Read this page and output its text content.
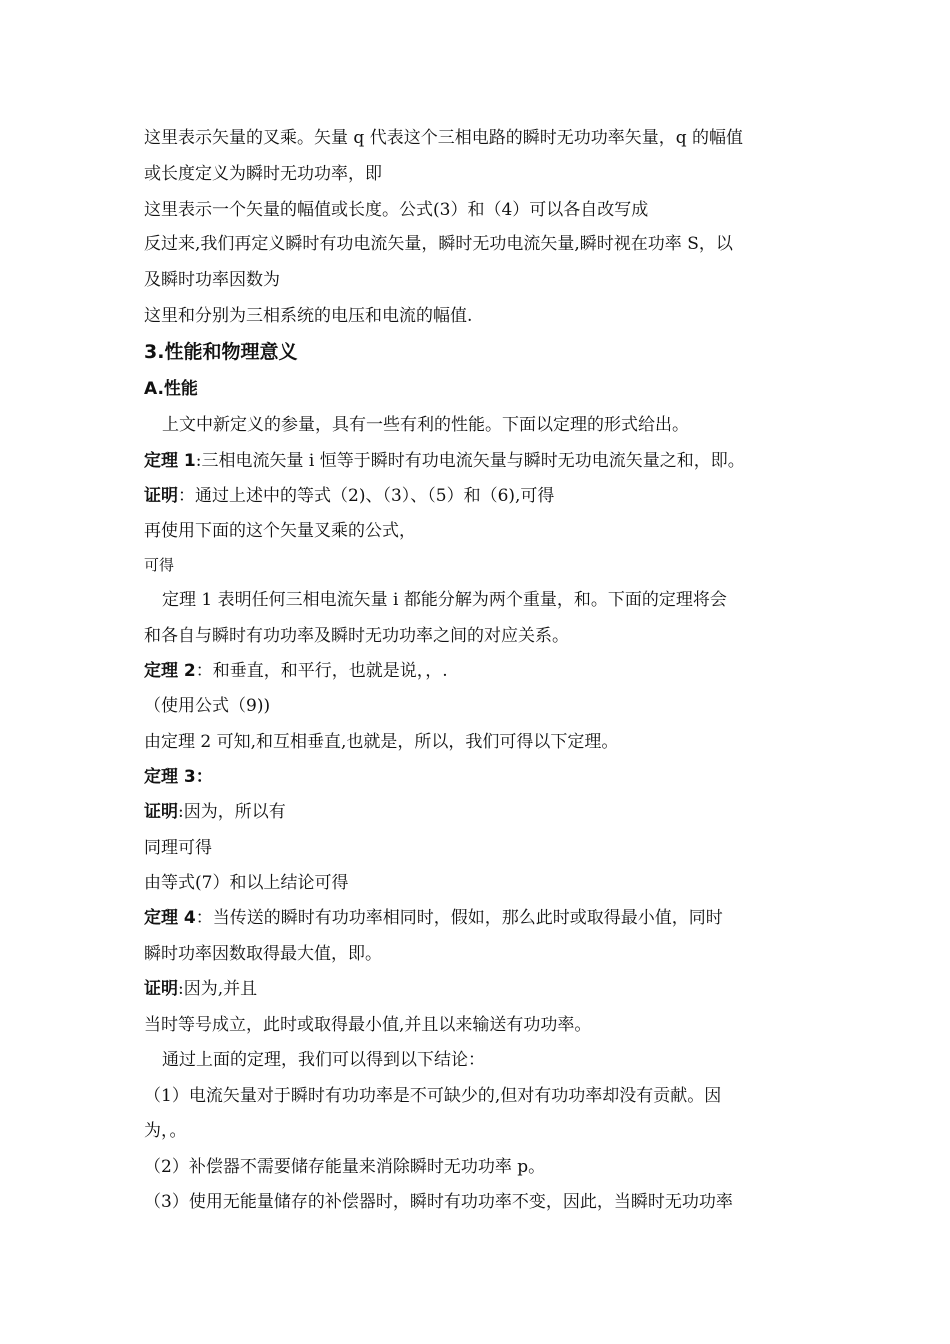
这里表示矢量的叉乘。矢量 q 代表这个三相电路的瞬时无功功率矢量，q 的幅值
或长度定义为瞬时无功功率，即
这里表示一个矢量的幅值或长度。公式(3）和（4）可以各自改写成
反过来,我们再定义瞬时有功电流矢量，瞬时无功电流矢量,瞬时视在功率 S，以
及瞬时功率因数为
这里和分别为三相系统的电压和电流的幅值.
3.性能和物理意义
A.性能
上文中新定义的参量，具有一些有利的性能。下面以定理的形式给出。
定理 1:三相电流矢量 i 恒等于瞬时有功电流矢量与瞬时无功电流矢量之和，即。
证明：通过上述中的等式（2)、（3）、（5）和（6),可得
再使用下面的这个矢量叉乘的公式，
可得
定理 1 表明任何三相电流矢量 i 都能分解为两个重量，和。下面的定理将会
和各自与瞬时有功功率及瞬时无功功率之间的对应关系。
定理 2：和垂直，和平行，也就是说，，.
（使用公式（9))
由定理 2 可知,和互相垂直,也就是，所以，我们可得以下定理。
定理 3：
证明:因为，所以有
同理可得
由等式(7）和以上结论可得
定理 4：当传送的瞬时有功功率相同时，假如，那么此时或取得最小值，同时
瞬时功率因数取得最大值，即。
证明:因为,并且
当时等号成立，此时或取得最小值,并且以来输送有功功率。
通过上面的定理，我们可以得到以下结论：
（1）电流矢量对于瞬时有功功率是不可缺少的,但对有功功率却没有贡献。因
为，。
（2）补偿器不需要储存能量来消除瞬时无功功率 p。
（3）使用无能量储存的补偿器时，瞬时有功功率不变，因此，当瞬时无功功率
